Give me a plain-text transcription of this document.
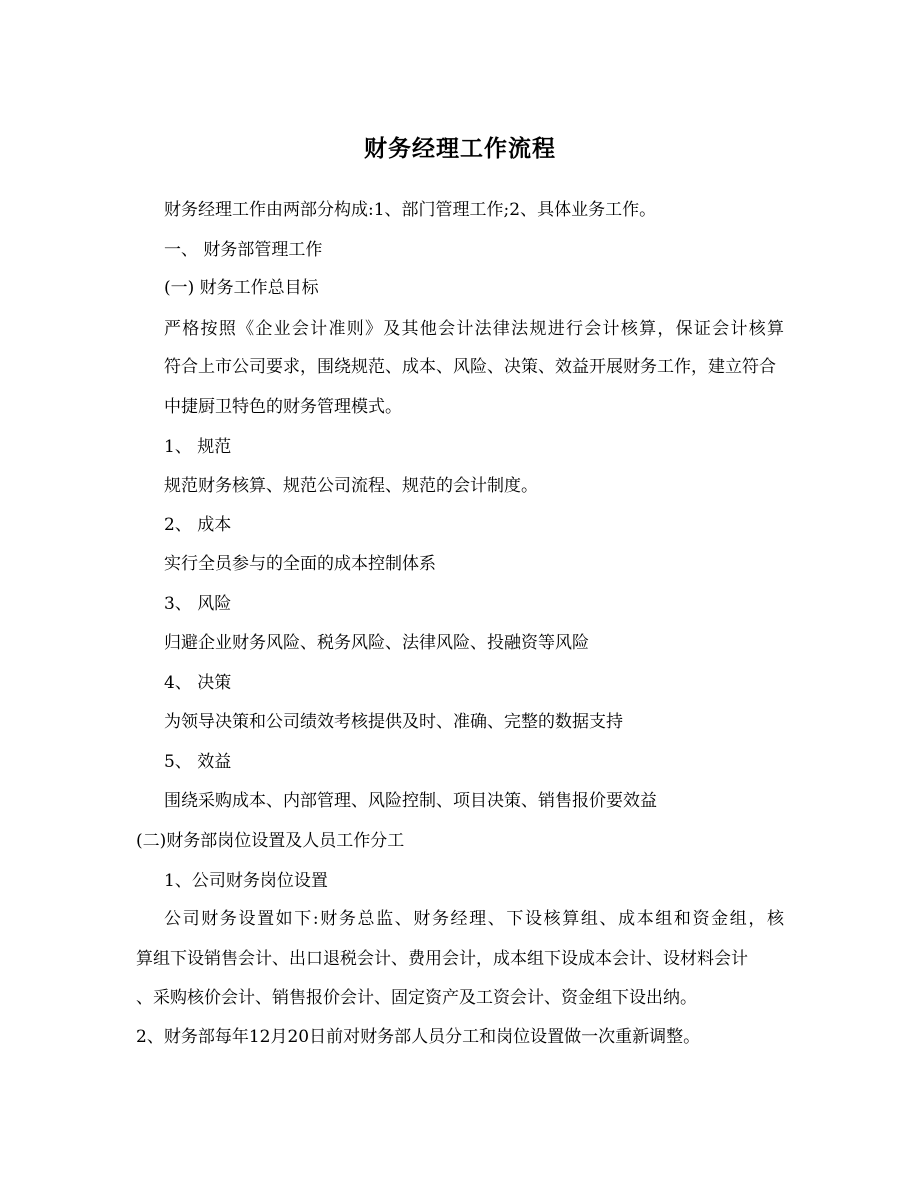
财务经理工作流程
财务经理工作由两部分构成:1、部门管理工作;2、具体业务工作。
一、 财务部管理工作
(一) 财务工作总目标
严格按照《企业会计准则》及其他会计法律法规进行会计核算，保证会计核算
符合上市公司要求，围绕规范、成本、风险、决策、效益开展财务工作，建立符合
中捷厨卫特色的财务管理模式。
1、 规范
规范财务核算、规范公司流程、规范的会计制度。
2、 成本
实行全员参与的全面的成本控制体系
3、 风险
归避企业财务风险、税务风险、法律风险、投融资等风险
4、 决策
为领导决策和公司绩效考核提供及时、准确、完整的数据支持
5、 效益
围绕采购成本、内部管理、风险控制、项目决策、销售报价要效益
(二)财务部岗位设置及人员工作分工
1、公司财务岗位设置
公司财务设置如下:财务总监、财务经理、下设核算组、成本组和资金组，核
算组下设销售会计、出口退税会计、费用会计，成本组下设成本会计、设材料会计
、采购核价会计、销售报价会计、固定资产及工资会计、资金组下设出纳。
2、财务部每年12月20日前对财务部人员分工和岗位设置做一次重新调整。
